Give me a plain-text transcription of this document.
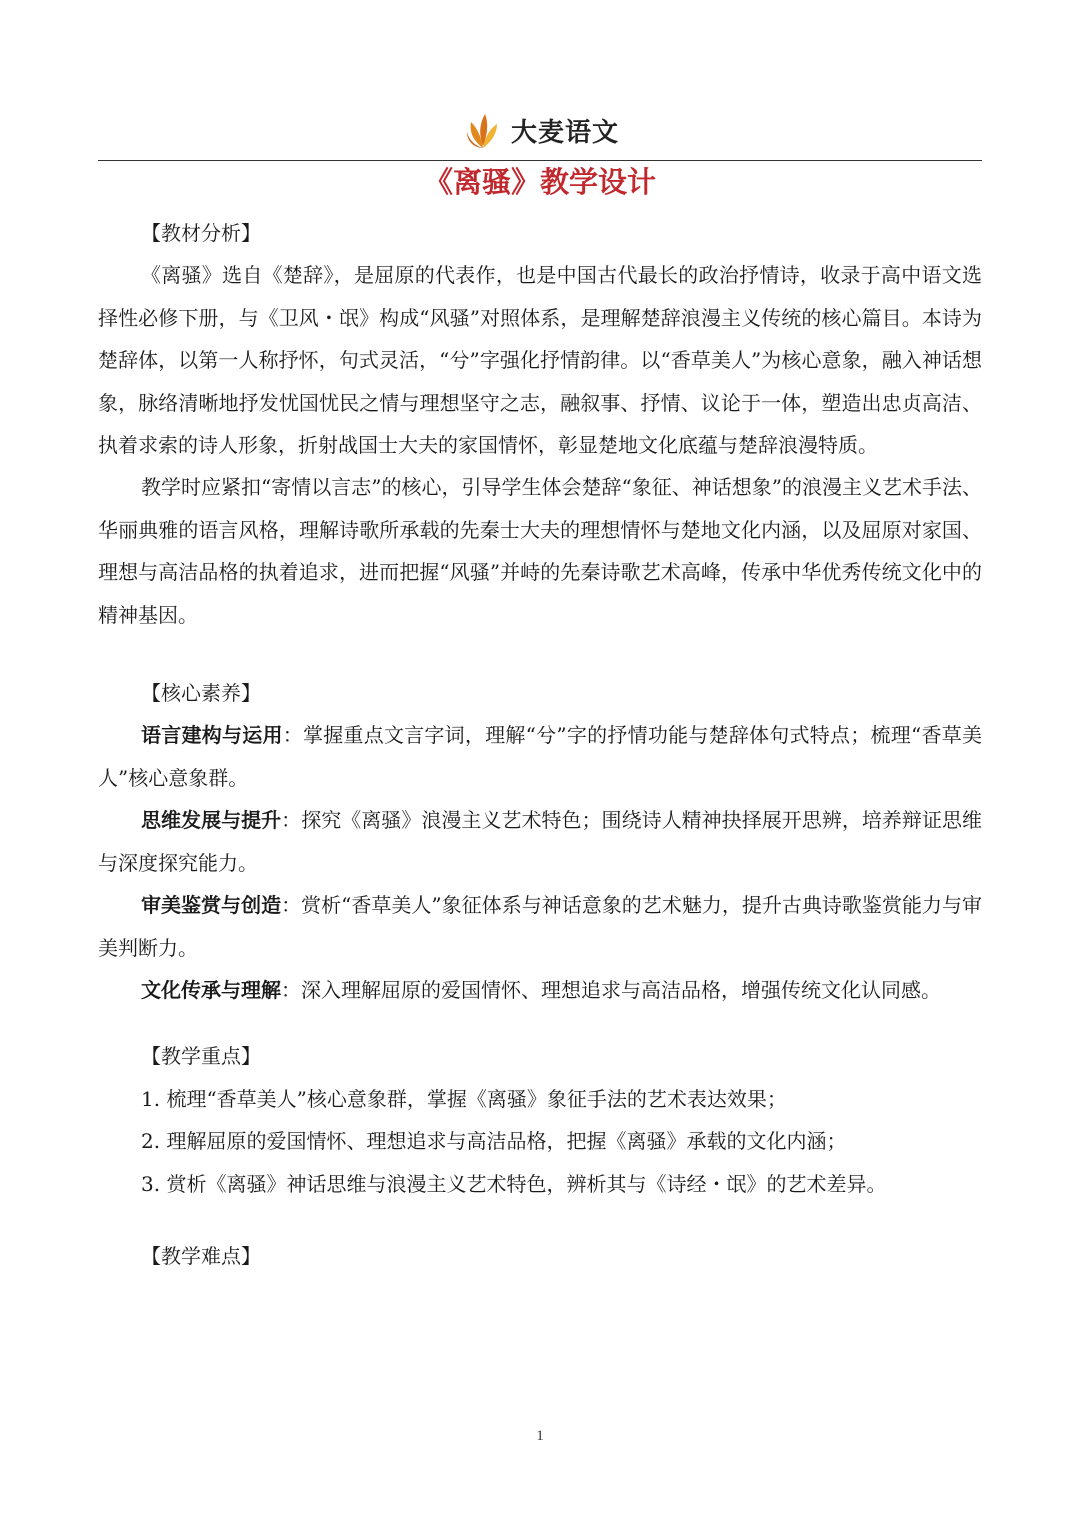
大麦语文
《离骚》教学设计

【教材分析】

《离骚》选自《楚辞》，是屈原的代表作，也是中国古代最长的政治抒情诗，收录于高中语文选择性必修下册，与《卫风・氓》构成“风骚”对照体系，是理解楚辞浪漫主义传统的核心篇目。本诗为楚辞体，以第一人称抒怀，句式灵活，“兮”字强化抒情韵律。以“香草美人”为核心意象，融入神话想象，脉络清晰地抒发忧国忧民之情与理想坚守之志，融叙事、抒情、议论于一体，塑造出忠贞高洁、执着求索的诗人形象，折射战国士大夫的家国情怀，彰显楚地文化底蕴与楚辞浪漫特质。

教学时应紧扣“寄情以言志”的核心，引导学生体会楚辞“象征、神话想象”的浪漫主义艺术手法、华丽典雅的语言风格，理解诗歌所承载的先秦士大夫的理想情怀与楚地文化内涵，以及屈原对家国、理想与高洁品格的执着追求，进而把握“风骚”并峙的先秦诗歌艺术高峰，传承中华优秀传统文化中的精神基因。

【核心素养】

语言建构与运用：掌握重点文言字词，理解“兮”字的抒情功能与楚辞体句式特点；梳理“香草美人”核心意象群。

思维发展与提升：探究《离骚》浪漫主义艺术特色；围绕诗人精神抉择展开思辨，培养辩证思维与深度探究能力。

审美鉴赏与创造：赏析“香草美人”象征体系与神话意象的艺术魅力，提升古典诗歌鉴赏能力与审美判断力。

文化传承与理解：深入理解屈原的爱国情怀、理想追求与高洁品格，增强传统文化认同感。

【教学重点】

1. 梳理“香草美人”核心意象群，掌握《离骚》象征手法的艺术表达效果；

2. 理解屈原的爱国情怀、理想追求与高洁品格，把握《离骚》承载的文化内涵；

3. 赏析《离骚》神话思维与浪漫主义艺术特色，辨析其与《诗经・氓》的艺术差异。

【教学难点】

1
